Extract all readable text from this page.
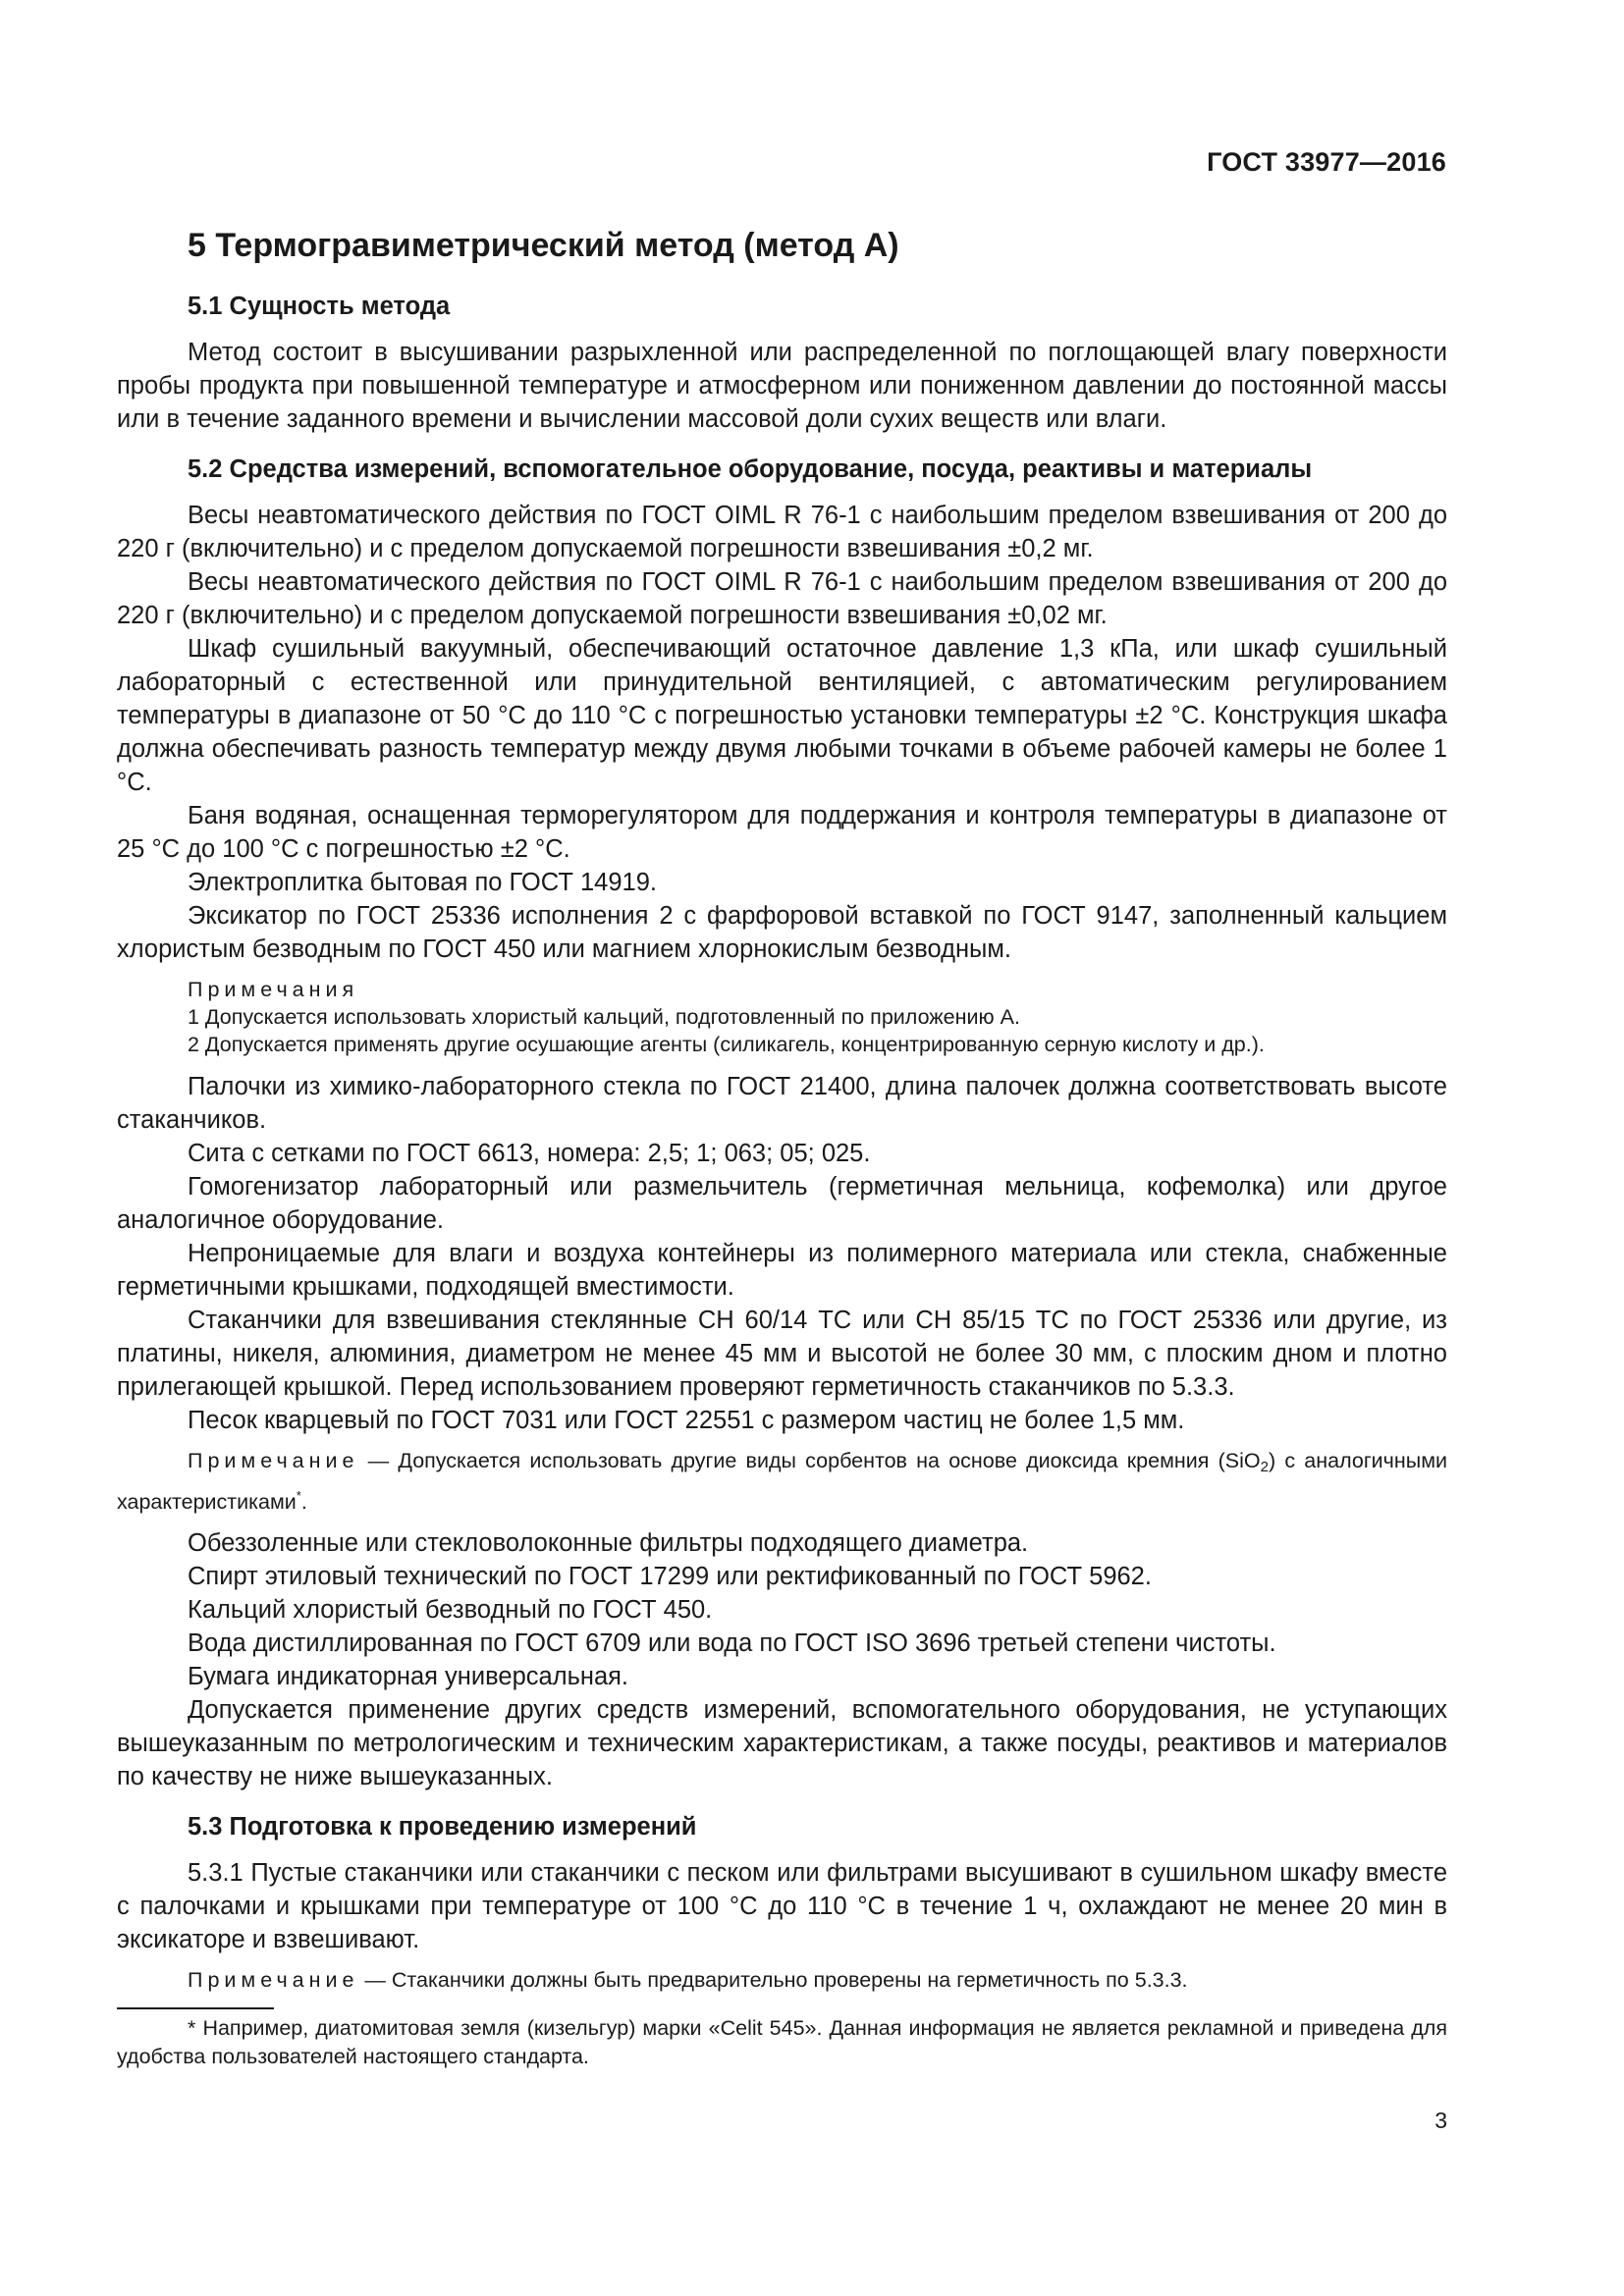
ГОСТ 33977—2016
5 Термогравиметрический метод (метод А)
5.1 Сущность метода

Метод состоит в высушивании разрыхленной или распределенной по поглощающей влагу поверхности пробы продукта при повышенной температуре и атмосферном или пониженном давлении до постоянной массы или в течение заданного времени и вычислении массовой доли сухих веществ или влаги.

5.2 Средства измерений, вспомогательное оборудование, посуда, реактивы и материалы

Весы неавтоматического действия по ГОСТ OIML R 76-1 с наибольшим пределом взвешивания от 200 до 220 г (включительно) и с пределом допускаемой погрешности взвешивания ±0,2 мг.

Весы неавтоматического действия по ГОСТ OIML R 76-1 с наибольшим пределом взвешивания от 200 до 220 г (включительно) и с пределом допускаемой погрешности взвешивания ±0,02 мг.

Шкаф сушильный вакуумный, обеспечивающий остаточное давление 1,3 кПа, или шкаф сушильный лабораторный с естественной или принудительной вентиляцией, с автоматическим регулированием температуры в диапазоне от 50 °С до 110 °С с погрешностью установки температуры ±2 °С. Конструкция шкафа должна обеспечивать разность температур между двумя любыми точками в объеме рабочей камеры не более 1 °С.

Баня водяная, оснащенная терморегулятором для поддержания и контроля температуры в диапазоне от 25 °С до 100 °С с погрешностью ±2 °С.

Электроплитка бытовая по ГОСТ 14919.

Эксикатор по ГОСТ 25336 исполнения 2 с фарфоровой вставкой по ГОСТ 9147, заполненный кальцием хлористым безводным по ГОСТ 450 или магнием хлорнокислым безводным.

Примечания
1 Допускается использовать хлористый кальций, подготовленный по приложению А.
2 Допускается применять другие осушающие агенты (силикагель, концентрированную серную кислоту и др.).

Палочки из химико-лабораторного стекла по ГОСТ 21400, длина палочек должна соответствовать высоте стаканчиков.

Сита с сетками по ГОСТ 6613, номера: 2,5; 1; 063; 05; 025.

Гомогенизатор лабораторный или размельчитель (герметичная мельница, кофемолка) или другое аналогичное оборудование.

Непроницаемые для влаги и воздуха контейнеры из полимерного материала или стекла, снабженные герметичными крышками, подходящей вместимости.

Стаканчики для взвешивания стеклянные СН 60/14 ТС или СН 85/15 ТС по ГОСТ 25336 или другие, из платины, никеля, алюминия, диаметром не менее 45 мм и высотой не более 30 мм, с плоским дном и плотно прилегающей крышкой. Перед использованием проверяют герметичность стаканчиков по 5.3.3.

Песок кварцевый по ГОСТ 7031 или ГОСТ 22551 с размером частиц не более 1,5 мм.

Примечание — Допускается использовать другие виды сорбентов на основе диоксида кремния (SiO$_2$) с аналогичными характеристиками*.

Обеззоленные или стекловолоконные фильтры подходящего диаметра.

Спирт этиловый технический по ГОСТ 17299 или ректификованный по ГОСТ 5962.

Кальций хлористый безводный по ГОСТ 450.

Вода дистиллированная по ГОСТ 6709 или вода по ГОСТ ISO 3696 третьей степени чистоты.

Бумага индикаторная универсальная.

Допускается применение других средств измерений, вспомогательного оборудования, не уступающих вышеуказанным по метрологическим и техническим характеристикам, а также посуды, реактивов и материалов по качеству не ниже вышеуказанных.

5.3 Подготовка к проведению измерений

5.3.1 Пустые стаканчики или стаканчики с песком или фильтрами высушивают в сушильном шкафу вместе с палочками и крышками при температуре от 100 °С до 110 °С в течение 1 ч, охлаждают не менее 20 мин в эксикаторе и взвешивают.

Примечание — Стаканчики должны быть предварительно проверены на герметичность по 5.3.3.

* Например, диатомитовая земля (кизельгур) марки «Celit 545». Данная информация не является рекламной и приведена для удобства пользователей настоящего стандарта.
3
